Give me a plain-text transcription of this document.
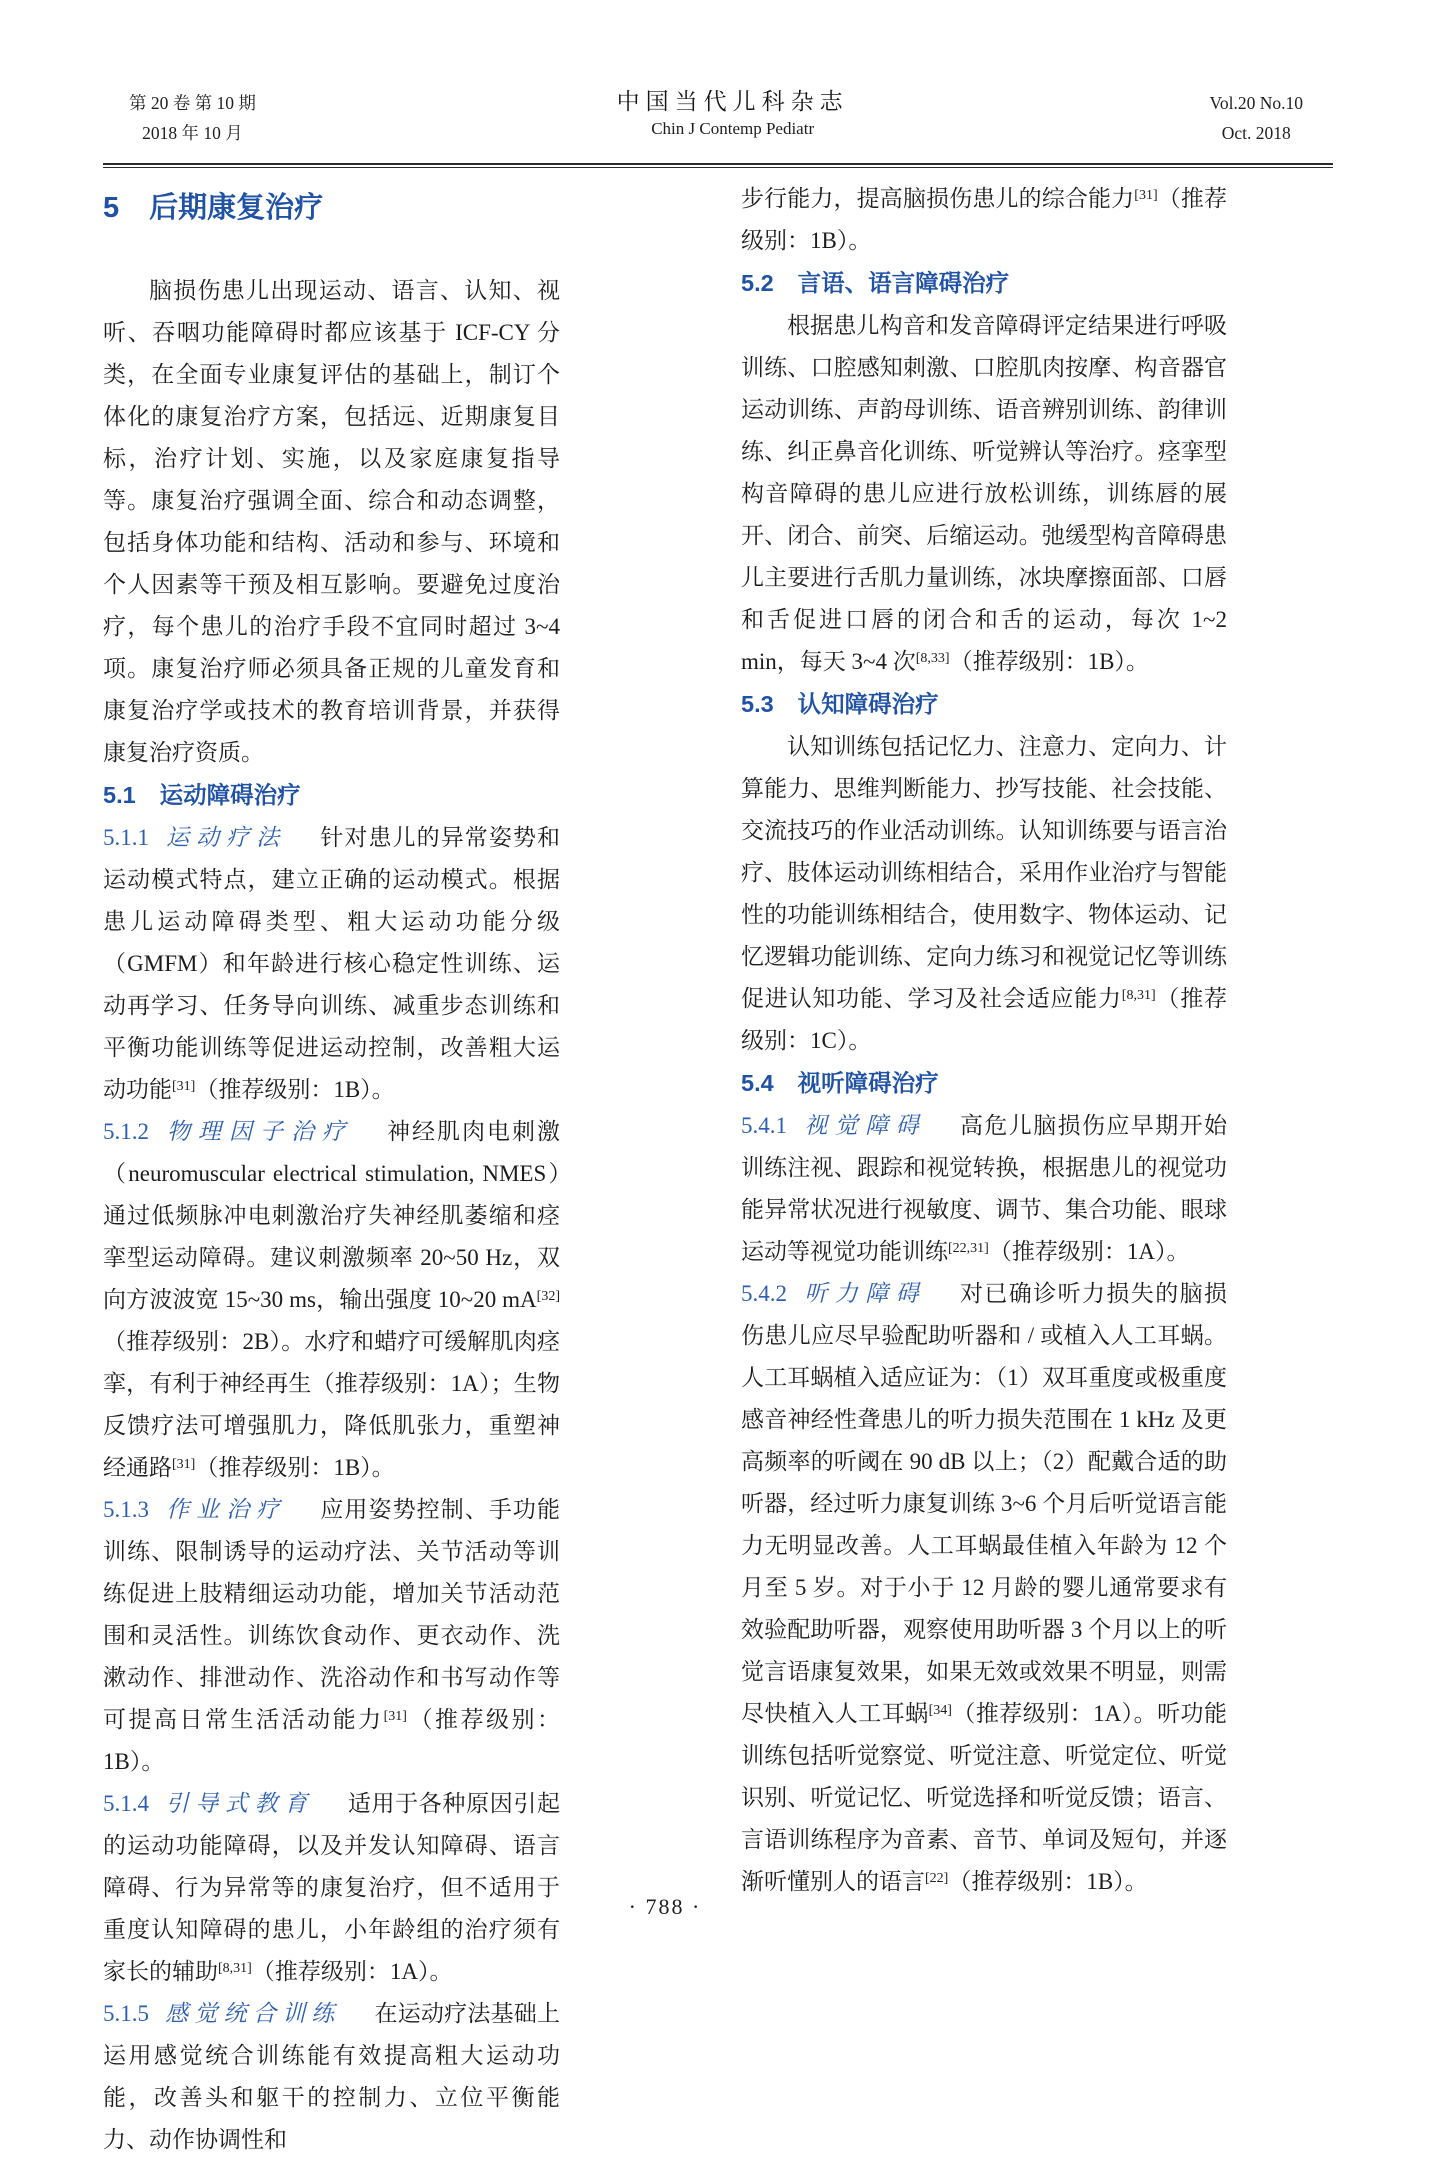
第 20 卷 第 10 期
2018 年 10 月
中国当代儿科杂志
Chin J Contemp Pediatr
Vol.20 No.10
Oct. 2018
5 后期康复治疗

脑损伤患儿出现运动、语言、认知、视听、吞咽功能障碍时都应该基于 ICF-CY 分类，在全面专业康复评估的基础上，制订个体化的康复治疗方案，包括远、近期康复目标，治疗计划、实施，以及家庭康复指导等。康复治疗强调全面、综合和动态调整，包括身体功能和结构、活动和参与、环境和个人因素等干预及相互影响。要避免过度治疗，每个患儿的治疗手段不宜同时超过 3~4 项。康复治疗师必须具备正规的儿童发育和康复治疗学或技术的教育培训背景，并获得康复治疗资质。

5.1 运动障碍治疗

5.1.1 运动疗法 针对患儿的异常姿势和运动模式特点，建立正确的运动模式。根据患儿运动障碍类型、粗大运动功能分级（GMFM）和年龄进行核心稳定性训练、运动再学习、任务导向训练、减重步态训练和平衡功能训练等促进运动控制，改善粗大运动功能[31]（推荐级别：1B）。

5.1.2 物理因子治疗 神经肌肉电刺激（neuromuscular electrical stimulation, NMES）通过低频脉冲电刺激治疗失神经肌萎缩和痉挛型运动障碍。建议刺激频率 20~50 Hz，双向方波波宽 15~30 ms，输出强度 10~20 mA[32]（推荐级别：2B）。水疗和蜡疗可缓解肌肉痉挛，有利于神经再生（推荐级别：1A）；生物反馈疗法可增强肌力，降低肌张力，重塑神经通路[31]（推荐级别：1B）。

5.1.3 作业治疗 应用姿势控制、手功能训练、限制诱导的运动疗法、关节活动等训练促进上肢精细运动功能，增加关节活动范围和灵活性。训练饮食动作、更衣动作、洗漱动作、排泄动作、洗浴动作和书写动作等可提高日常生活活动能力[31]（推荐级别：1B）。

5.1.4 引导式教育 适用于各种原因引起的运动功能障碍，以及并发认知障碍、语言障碍、行为异常等的康复治疗，但不适用于重度认知障碍的患儿，小年龄组的治疗须有家长的辅助[8,31]（推荐级别：1A）。

5.1.5 感觉统合训练 在运动疗法基础上运用感觉统合训练能有效提高粗大运动功能，改善头和躯干的控制力、立位平衡能力、动作协调性和

步行能力，提高脑损伤患儿的综合能力[31]（推荐级别：1B）。

5.2 言语、语言障碍治疗

根据患儿构音和发音障碍评定结果进行呼吸训练、口腔感知刺激、口腔肌肉按摩、构音器官运动训练、声韵母训练、语音辨别训练、韵律训练、纠正鼻音化训练、听觉辨认等治疗。痉挛型构音障碍的患儿应进行放松训练，训练唇的展开、闭合、前突、后缩运动。弛缓型构音障碍患儿主要进行舌肌力量训练，冰块摩擦面部、口唇和舌促进口唇的闭合和舌的运动，每次 1~2 min，每天 3~4 次[8,33]（推荐级别：1B）。

5.3 认知障碍治疗

认知训练包括记忆力、注意力、定向力、计算能力、思维判断能力、抄写技能、社会技能、交流技巧的作业活动训练。认知训练要与语言治疗、肢体运动训练相结合，采用作业治疗与智能性的功能训练相结合，使用数字、物体运动、记忆逻辑功能训练、定向力练习和视觉记忆等训练促进认知功能、学习及社会适应能力[8,31]（推荐级别：1C）。

5.4 视听障碍治疗

5.4.1 视觉障碍 高危儿脑损伤应早期开始训练注视、跟踪和视觉转换，根据患儿的视觉功能异常状况进行视敏度、调节、集合功能、眼球运动等视觉功能训练[22,31]（推荐级别：1A）。

5.4.2 听力障碍 对已确诊听力损失的脑损伤患儿应尽早验配助听器和 / 或植入人工耳蜗。人工耳蜗植入适应证为：（1）双耳重度或极重度感音神经性聋患儿的听力损失范围在 1 kHz 及更高频率的听阈在 90 dB 以上；（2）配戴合适的助听器，经过听力康复训练 3~6 个月后听觉语言能力无明显改善。人工耳蜗最佳植入年龄为 12 个月至 5 岁。对于小于 12 月龄的婴儿通常要求有效验配助听器，观察使用助听器 3 个月以上的听觉言语康复效果，如果无效或效果不明显，则需尽快植入人工耳蜗[34]（推荐级别：1A）。听功能训练包括听觉察觉、听觉注意、听觉定位、听觉识别、听觉记忆、听觉选择和听觉反馈；语言、言语训练程序为音素、音节、单词及短句，并逐渐听懂别人的语言[22]（推荐级别：1B）。

· 788 ·
